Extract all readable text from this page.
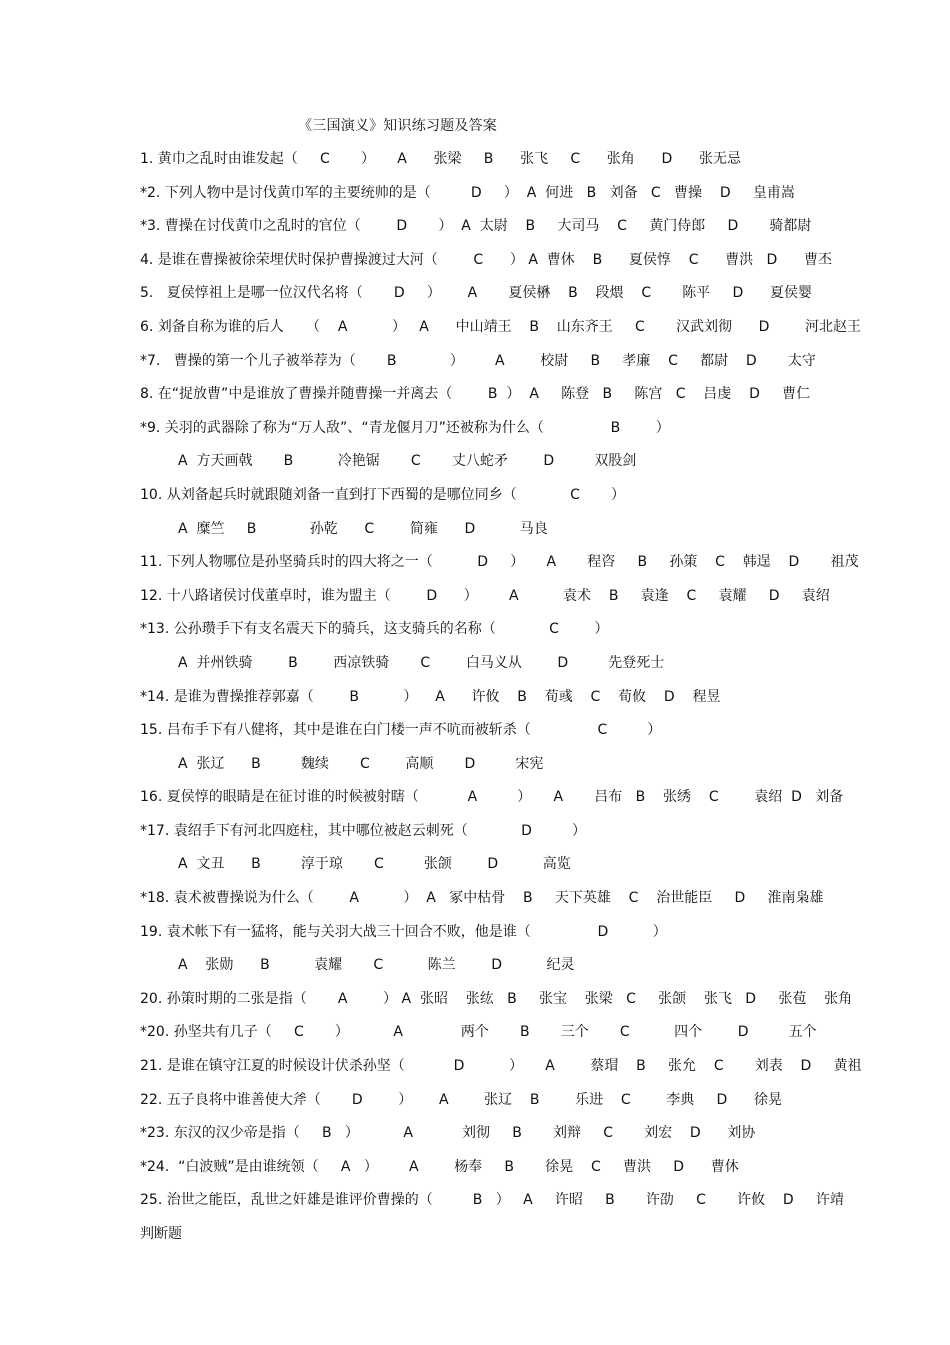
《三国演义》知识练习题及答案
1. 黄巾之乱时由谁发起（     C       ）     A      张梁     B      张飞     C      张角      D      张无忌
*2. 下列人物中是讨伐黄巾军的主要统帅的是（         D     ）  A  何进   B   刘备   C   曹操    D     皇甫嵩
*3. 曹操在讨伐黄巾之乱时的官位（        D       ）  A  太尉    B     大司马    C     黄门侍郎     D       骑都尉
4. 是谁在曹操被徐荣埋伏时保护曹操渡过大河（        C      ） A  曹休    B      夏侯惇    C      曹洪   D      曹丕
5.   夏侯惇祖上是哪一位汉代名将（       D     ）      A       夏侯楙    B    段煨    C       陈平     D      夏侯婴
6. 刘备自称为谁的后人     （    A          ）   A      中山靖王    B    山东齐王     C       汉武刘彻      D        河北赵王
*7.   曹操的第一个儿子被举荐为（       B            ）       A        校尉     B     孝廉    C     都尉    D       太守
8. 在“捉放曹”中是谁放了曹操并随曹操一并离去（        B  ）  A     陈登   B     陈宫   C    吕虔    D     曹仁
*9. 关羽的武器除了称为“万人敌”、“青龙偃月刀”还被称为什么（               B        ）
A  方天画戟       B          冷艳锯       C       丈八蛇矛        D         双股剑
10. 从刘备起兵时就跟随刘备一直到打下西蜀的是哪位同乡（            C       ）
A  糜竺     B            孙乾      C        简雍      D          马良
11. 下列人物哪位是孙坚骑兵时的四大将之一（          D     ）     A       程咨     B     孙策    C    韩逞    D       祖茂
12. 十八路诸侯讨伐董卓时，谁为盟主（        D      ）       A          袁术    B     袁逢    C     袁耀     D     袁绍
*13. 公孙瓒手下有支名震天下的骑兵，这支骑兵的名称（            C        ）
A  并州铁骑        B        西凉铁骑       C        白马义从        D         先登死士
*14. 是谁为曹操推荐郭嘉（        B          ）    A      许攸    B    荀彧    C    荀攸    D    程昱
15. 吕布手下有八健将，其中是谁在白门楼一声不吭而被斩杀（               C         ）
A  张辽      B         魏续       C        高顺       D         宋宪
16. 夏侯惇的眼睛是在征讨谁的时候被射瞎（           A         ）     A       吕布   B    张绣    C        袁绍  D   刘备
*17. 袁绍手下有河北四庭柱，其中哪位被赵云刺死（            D         ）
A  文丑      B         淳于琼       C         张颌        D          高览
*18. 袁术被曹操说为什么（        A          ）  A   冢中枯骨    B     天下英雄    C    治世能臣     D     淮南枭雄
19. 袁术帐下有一猛将，能与关羽大战三十回合不败，他是谁（               D          ）
A    张勋      B          袁耀       C          陈兰        D          纪灵
20. 孙策时期的二张是指（       A        ） A  张昭    张纮   B     张宝    张梁   C     张颌    张飞   D     张苞    张角
*20. 孙坚共有几子（     C       ）          A             两个       B       三个       C          四个        D         五个
21. 是谁在镇守江夏的时候设计伏杀孙坚（           D          ）     A        蔡瑁    B     张允    C       刘表    D     黄祖
22. 五子良将中谁善使大斧（       D        ）      A        张辽    B        乐进    C        李典     D      徐晃
*23. 东汉的汉少帝是指（     B   ）          A           刘彻     B       刘辩     C       刘宏    D      刘协
*24.  “白波贼”是由谁统领（     A   ）       A        杨奉     B       徐晃    C     曹洪     D      曹休
25. 治世之能臣，乱世之奸雄是谁评价曹操的（         B   ）   A     许昭     B       许劭     C       许攸    D     许靖
判断题
